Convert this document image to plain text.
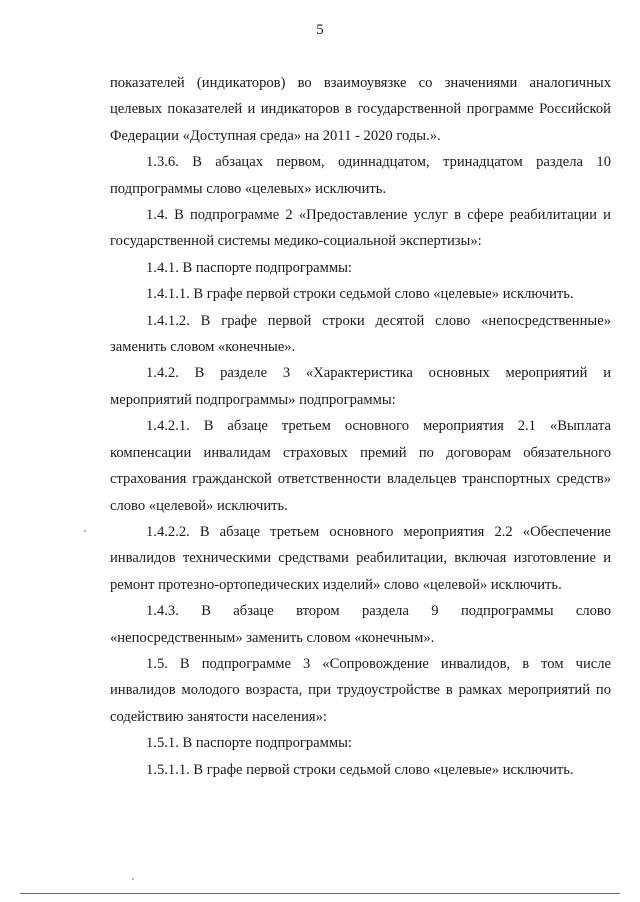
5

показателей (индикаторов) во взаимоувязке со значениями аналогичных целевых показателей и индикаторов в государственной программе Российской Федерации «Доступная среда» на 2011 - 2020 годы.».

1.3.6. В абзацах первом, одиннадцатом, тринадцатом раздела 10 подпрограммы слово «целевых» исключить.

1.4. В подпрограмме 2 «Предоставление услуг в сфере реабилитации и государственной системы медико-социальной экспертизы»:

1.4.1. В паспорте подпрограммы:

1.4.1.1. В графе первой строки седьмой слово «целевые» исключить.

1.4.1.2. В графе первой строки десятой слово «непосредственные» заменить словом «конечные».

1.4.2. В разделе 3 «Характеристика основных мероприятий и мероприятий подпрограммы» подпрограммы:

1.4.2.1. В абзаце третьем основного мероприятия 2.1 «Выплата компенсации инвалидам страховых премий по договорам обязательного страхования гражданской ответственности владельцев транспортных средств» слово «целевой» исключить.

1.4.2.2. В абзаце третьем основного мероприятия 2.2 «Обеспечение инвалидов техническими средствами реабилитации, включая изготовление и ремонт протезно-ортопедических изделий» слово «целевой» исключить.

1.4.3. В абзаце втором раздела 9 подпрограммы слово «непосредственным» заменить словом «конечным».

1.5. В подпрограмме 3 «Сопровождение инвалидов, в том числе инвалидов молодого возраста, при трудоустройстве в рамках мероприятий по содействию занятости населения»:

1.5.1. В паспорте подпрограммы:

1.5.1.1. В графе первой строки седьмой слово «целевые» исключить.
